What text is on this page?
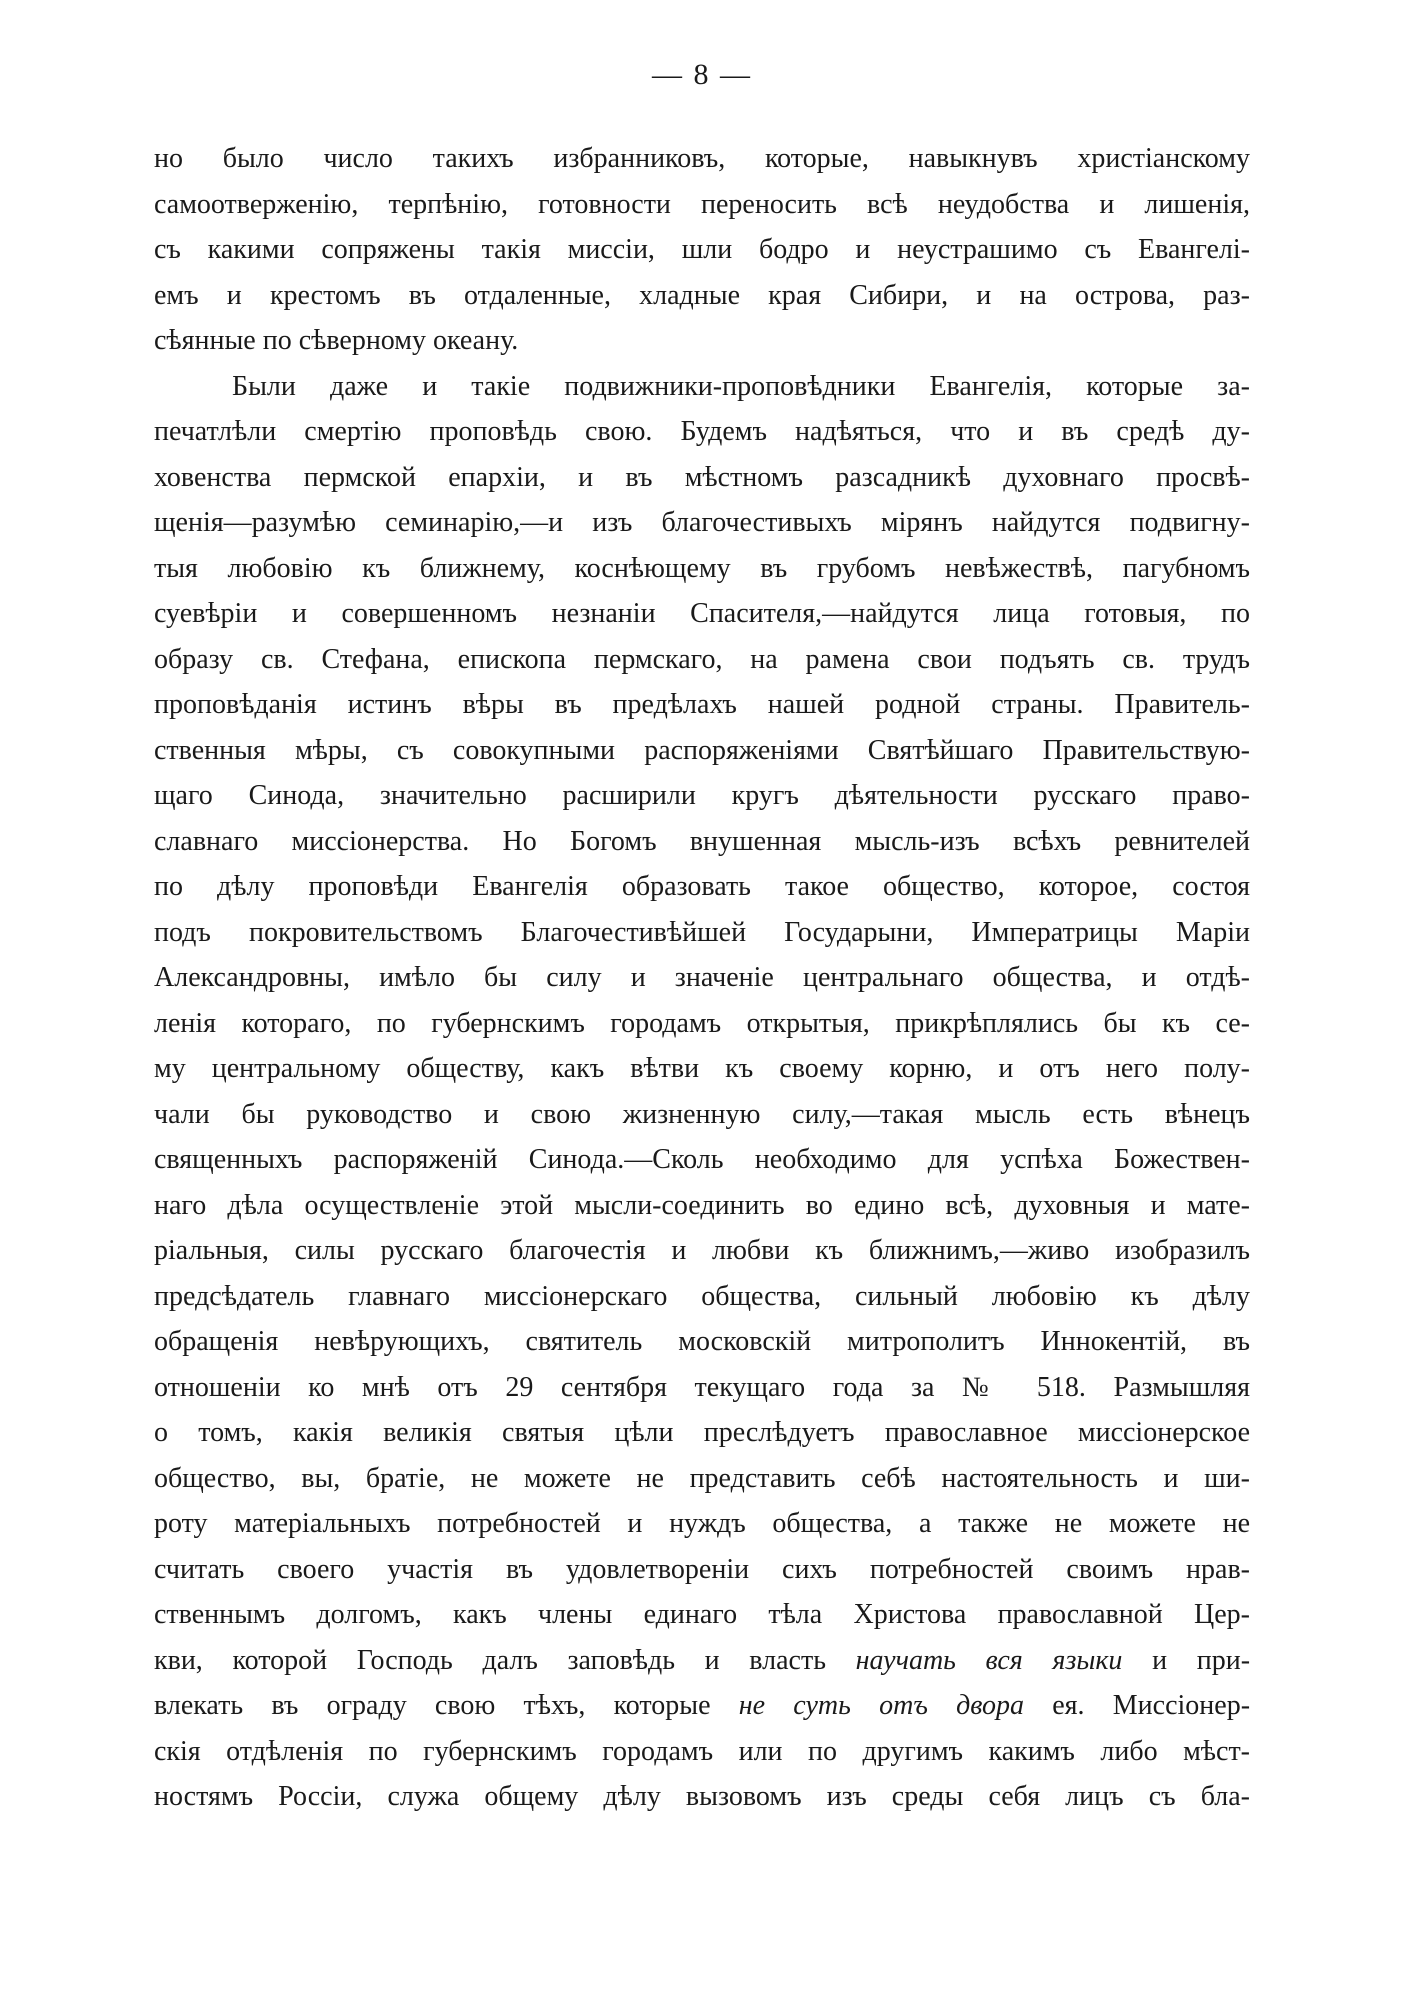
— 8 —
но было число такихъ избранниковъ, которые, навыкнувъ христіанскому
самоотверженію, терпѣнію, готовности переносить всѣ неудобства и лишенія,
съ какими сопряжены такія миссіи, шли бодро и неустрашимо съ Евангелі-
емъ и крестомъ въ отдаленные, хладные края Сибири, и на острова, раз-
сѣянные по сѣверному океану.
Были даже и такіе подвижники-проповѣдники Евангелія, которые за-
печатлѣли смертію проповѣдь свою. Будемъ надѣяться, что и въ средѣ ду-
ховенства пермской епархіи, и въ мѣстномъ разсадникѣ духовнаго просвѣ-
щенія—разумѣю семинарію,—и изъ благочестивыхъ мірянъ найдутся подвигну-
тыя любовію къ ближнему, коснѣющему въ грубомъ невѣжествѣ, пагубномъ
суевѣріи и совершенномъ незнаніи Спасителя,—найдутся лица готовыя, по
образу св. Стефана, епископа пермскаго, на рамена свои подъять св. трудъ
проповѣданія истинъ вѣры въ предѣлахъ нашей родной страны. Правитель-
ственныя мѣры, съ совокупными распоряженіями Святѣйшаго Правительствую-
щаго Синода, значительно расширили кругъ дѣятельности русскаго право-
славнаго миссіонерства. Но Богомъ внушенная мысль-изъ всѣхъ ревнителей
по дѣлу проповѣди Евангелія образовать такое общество, которое, состоя
подъ покровительствомъ Благочестивѣйшей Государыни, Императрицы Маріи
Александровны, имѣло бы силу и значеніе центральнаго общества, и отдѣ-
ленія котораго, по губернскимъ городамъ открытыя, прикрѣплялись бы къ се-
му центральному обществу, какъ вѣтви къ своему корню, и отъ него полу-
чали бы руководство и свою жизненную силу,—такая мысль есть вѣнецъ
священныхъ распоряженій Синода.—Сколь необходимо для успѣха Божествен-
наго дѣла осуществленіе этой мысли-соединить во едино всѣ, духовныя и мате-
ріальныя, силы русскаго благочестія и любви къ ближнимъ,—живо изобразилъ
предсѣдатель главнаго миссіонерскаго общества, сильный любовію къ дѣлу
обращенія невѣрующихъ, святитель московскій митрополитъ Иннокентій, въ
отношеніи ко мнѣ отъ 29 сентября текущаго года за № 518. Размышляя
о томъ, какія великія святыя цѣли преслѣдуетъ православное миссіонерское
общество, вы, братіе, не можете не представить себѣ настоятельность и ши-
роту матеріальныхъ потребностей и нуждъ общества, а также не можете не
считать своего участія въ удовлетвореніи сихъ потребностей своимъ нрав-
ственнымъ долгомъ, какъ члены единаго тѣла Христова православной Цер-
кви, которой Господь далъ заповѣдь и власть научать вся языки и при-
влекать въ ограду свою тѣхъ, которые не суть отъ двора ея. Миссіонер-
скія отдѣленія по губернскимъ городамъ или по другимъ какимъ либо мѣст-
ностямъ Россіи, служа общему дѣлу вызовомъ изъ среды себя лицъ съ бла-
